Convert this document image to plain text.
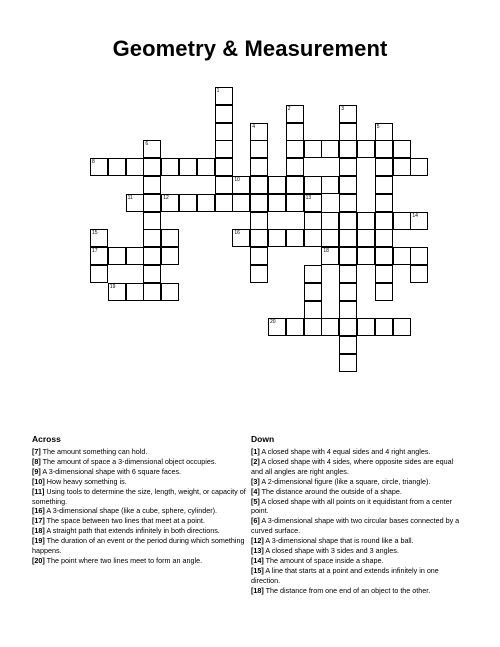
Geometry & Measurement
1
2	3
4	5
6
8
10
11	12	13
14
15	16
17	18
19
20
Across
[7] The amount something can hold.
[8] The amount of space a 3-dimensional object occupies.
[9] A 3-dimensional shape with 6 square faces.
[10] How heavy something is.
[11] Using tools to determine the size, length, weight, or capacity of something.
[16] A 3-dimensional shape (like a cube, sphere, cylinder).
[17] The space between two lines that meet at a point.
[18] A straight path that extends infinitely in both directions.
[19] The duration of an event or the period during which something happens.
[20] The point where two lines meet to form an angle.
Down
[1] A closed shape with 4 equal sides and 4 right angles.
[2] A closed shape with 4 sides, where opposite sides are equal and all angles are right angles.
[3] A 2-dimensional figure (like a square, circle, triangle).
[4] The distance around the outside of a shape.
[5] A closed shape with all points on it equidistant from a center point.
[6] A 3-dimensional shape with two circular bases connected by a curved surface.
[12] A 3-dimensional shape that is round like a ball.
[13] A closed shape with 3 sides and 3 angles.
[14] The amount of space inside a shape.
[15] A line that starts at a point and extends infinitely in one direction.
[18] The distance from one end of an object to the other.
